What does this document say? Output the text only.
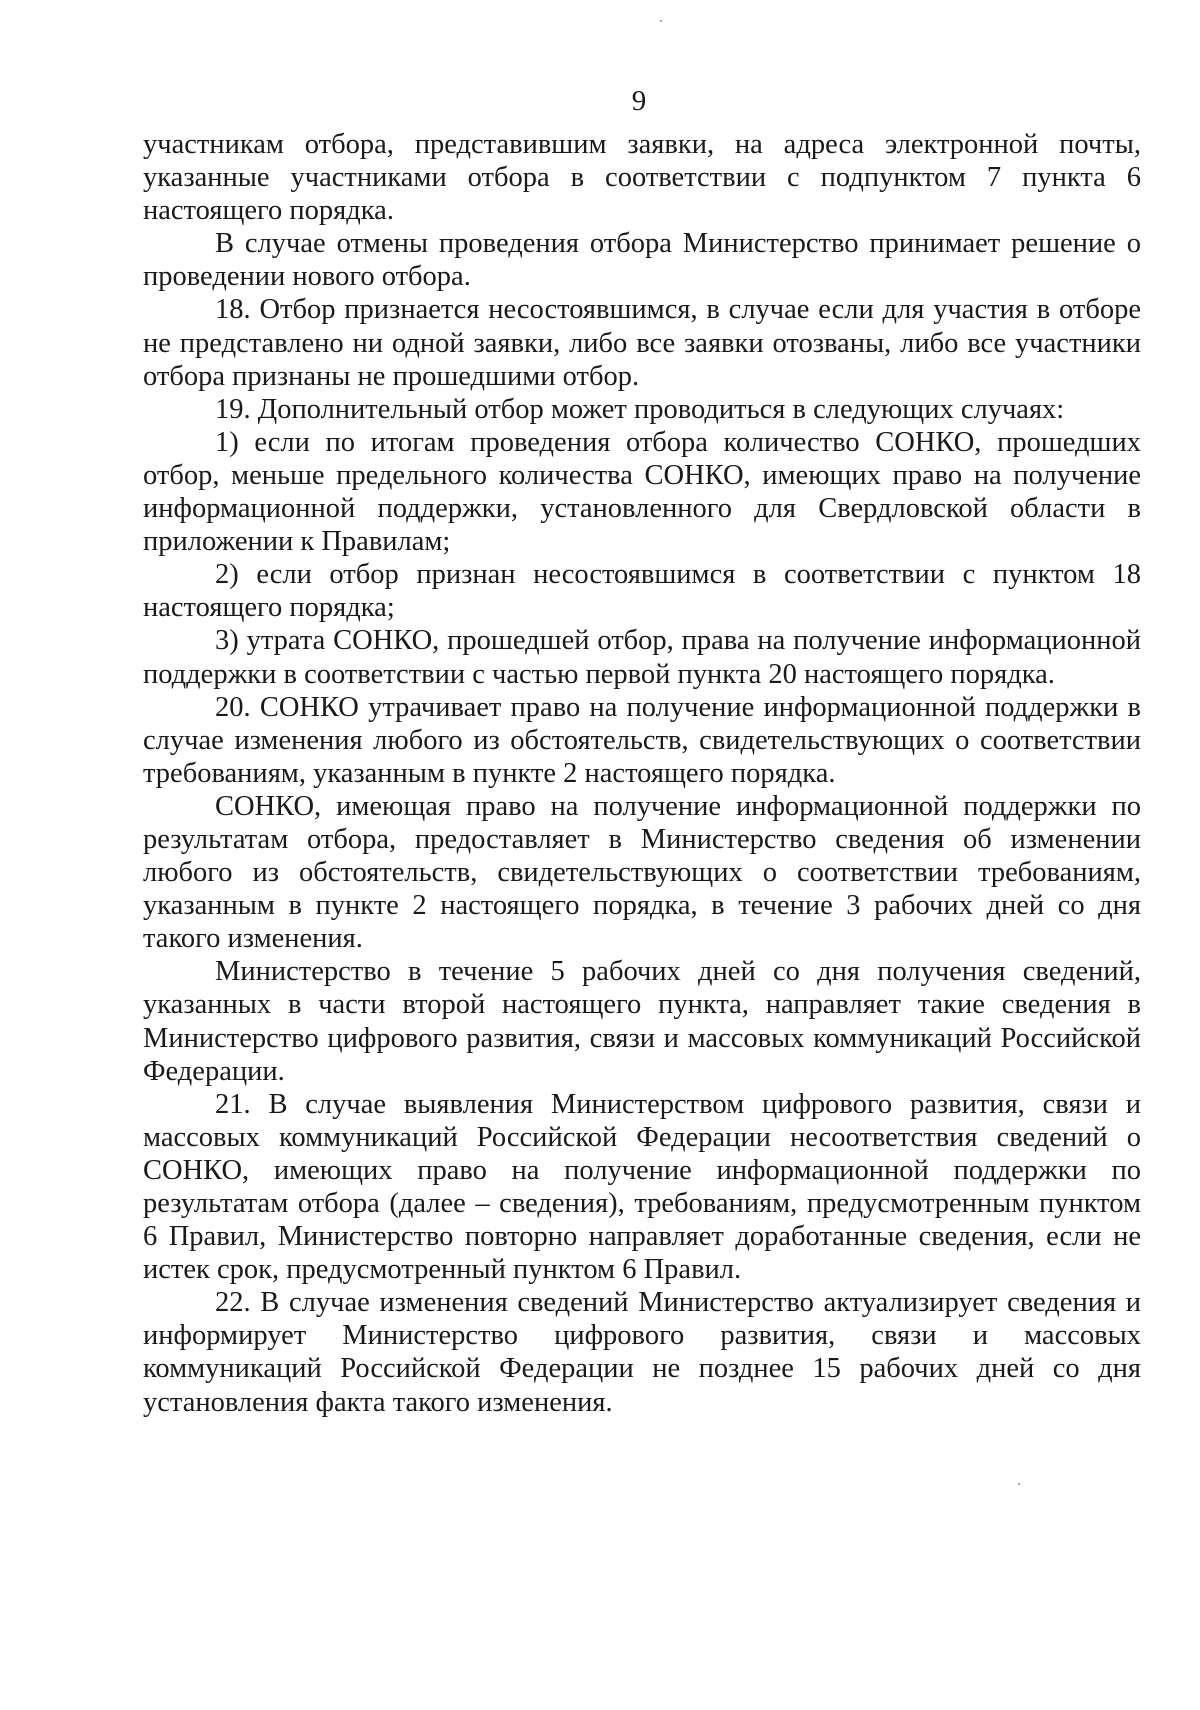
9

участникам отбора, представившим заявки, на адреса электронной почты, указанные участниками отбора в соответствии с подпунктом 7 пункта 6 настоящего порядка.

В случае отмены проведения отбора Министерство принимает решение о проведении нового отбора.

18. Отбор признается несостоявшимся, в случае если для участия в отборе не представлено ни одной заявки, либо все заявки отозваны, либо все участники отбора признаны не прошедшими отбор.

19. Дополнительный отбор может проводиться в следующих случаях:

1) если по итогам проведения отбора количество СОНКО, прошедших отбор, меньше предельного количества СОНКО, имеющих право на получение информационной поддержки, установленного для Свердловской области в приложении к Правилам;

2) если отбор признан несостоявшимся в соответствии с пунктом 18 настоящего порядка;

3) утрата СОНКО, прошедшей отбор, права на получение информационной поддержки в соответствии с частью первой пункта 20 настоящего порядка.

20. СОНКО утрачивает право на получение информационной поддержки в случае изменения любого из обстоятельств, свидетельствующих о соответствии требованиям, указанным в пункте 2 настоящего порядка.

СОНКО, имеющая право на получение информационной поддержки по результатам отбора, предоставляет в Министерство сведения об изменении любого из обстоятельств, свидетельствующих о соответствии требованиям, указанным в пункте 2 настоящего порядка, в течение 3 рабочих дней со дня такого изменения.

Министерство в течение 5 рабочих дней со дня получения сведений, указанных в части второй настоящего пункта, направляет такие сведения в Министерство цифрового развития, связи и массовых коммуникаций Российской Федерации.

21. В случае выявления Министерством цифрового развития, связи и массовых коммуникаций Российской Федерации несоответствия сведений о СОНКО, имеющих право на получение информационной поддержки по результатам отбора (далее – сведения), требованиям, предусмотренным пунктом 6 Правил, Министерство повторно направляет доработанные сведения, если не истек срок, предусмотренный пунктом 6 Правил.

22. В случае изменения сведений Министерство актуализирует сведения и информирует Министерство цифрового развития, связи и массовых коммуникаций Российской Федерации не позднее 15 рабочих дней со дня установления факта такого изменения.
